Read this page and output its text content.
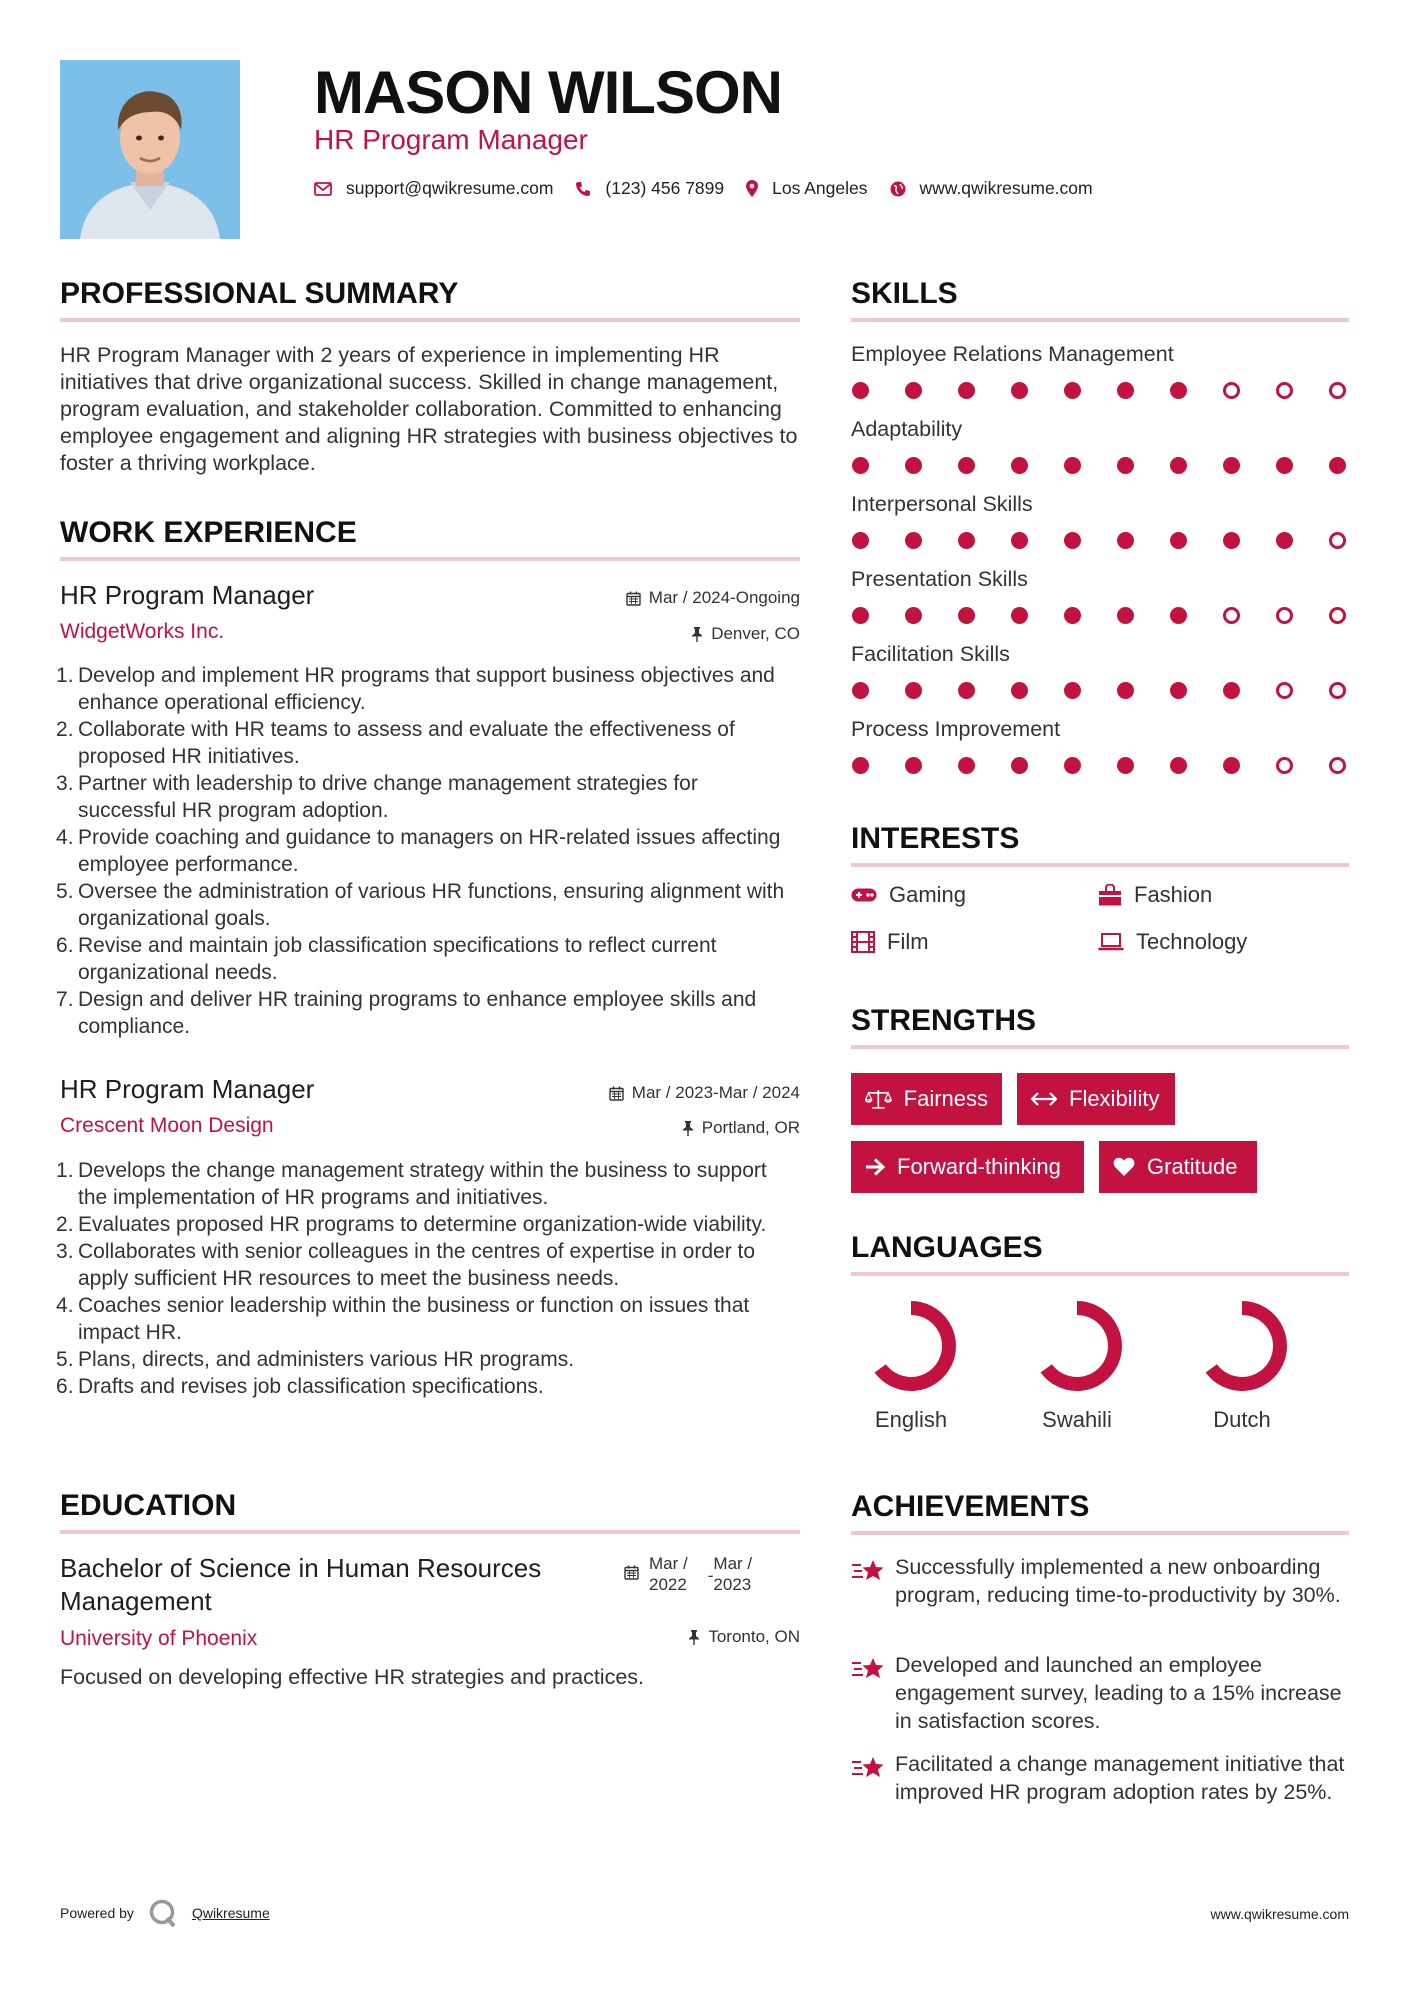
MASON WILSON
HR Program Manager
support@qwikresume.com	(123) 456 7899	Los Angeles	www.qwikresume.com
PROFESSIONAL SUMMARY
HR Program Manager with 2 years of experience in implementing HR initiatives that drive organizational success. Skilled in change management, program evaluation, and stakeholder collaboration. Committed to enhancing employee engagement and aligning HR strategies with business objectives to foster a thriving workplace.
WORK EXPERIENCE
HR Program Manager	Mar / 2024-Ongoing
WidgetWorks Inc.	Denver, CO
Develop and implement HR programs that support business objectives and enhance operational efficiency.
Collaborate with HR teams to assess and evaluate the effectiveness of proposed HR initiatives.
Partner with leadership to drive change management strategies for successful HR program adoption.
Provide coaching and guidance to managers on HR-related issues affecting employee performance.
Oversee the administration of various HR functions, ensuring alignment with organizational goals.
Revise and maintain job classification specifications to reflect current organizational needs.
Design and deliver HR training programs to enhance employee skills and compliance.
HR Program Manager	Mar / 2023-Mar / 2024
Crescent Moon Design	Portland, OR
Develops the change management strategy within the business to support the implementation of HR programs and initiatives.
Evaluates proposed HR programs to determine organization-wide viability.
Collaborates with senior colleagues in the centres of expertise in order to apply sufficient HR resources to meet the business needs.
Coaches senior leadership within the business or function on issues that impact HR.
Plans, directs, and administers various HR programs.
Drafts and revises job classification specifications.
EDUCATION
Bachelor of Science in Human Resources Management
Mar /
2022 -
Mar /
2023
Toronto, ON
University of Phoenix
Focused on developing effective HR strategies and practices.
SKILLS
Employee Relations Management
Adaptability
Interpersonal Skills
Presentation Skills
Facilitation Skills
Process Improvement
INTERESTS
Gaming	Fashion
Film	Technology
STRENGTHS
Fairness	Flexibility
Forward-thinking	Gratitude
LANGUAGES
English	Swahili	Dutch
ACHIEVEMENTS
Successfully implemented a new onboarding program, reducing time-to-productivity by 30%.
Developed and launched an employee engagement survey, leading to a 15% increase in satisfaction scores.
Facilitated a change management initiative that improved HR program adoption rates by 25%.
Powered by	Qwikresume	www.qwikresume.com
